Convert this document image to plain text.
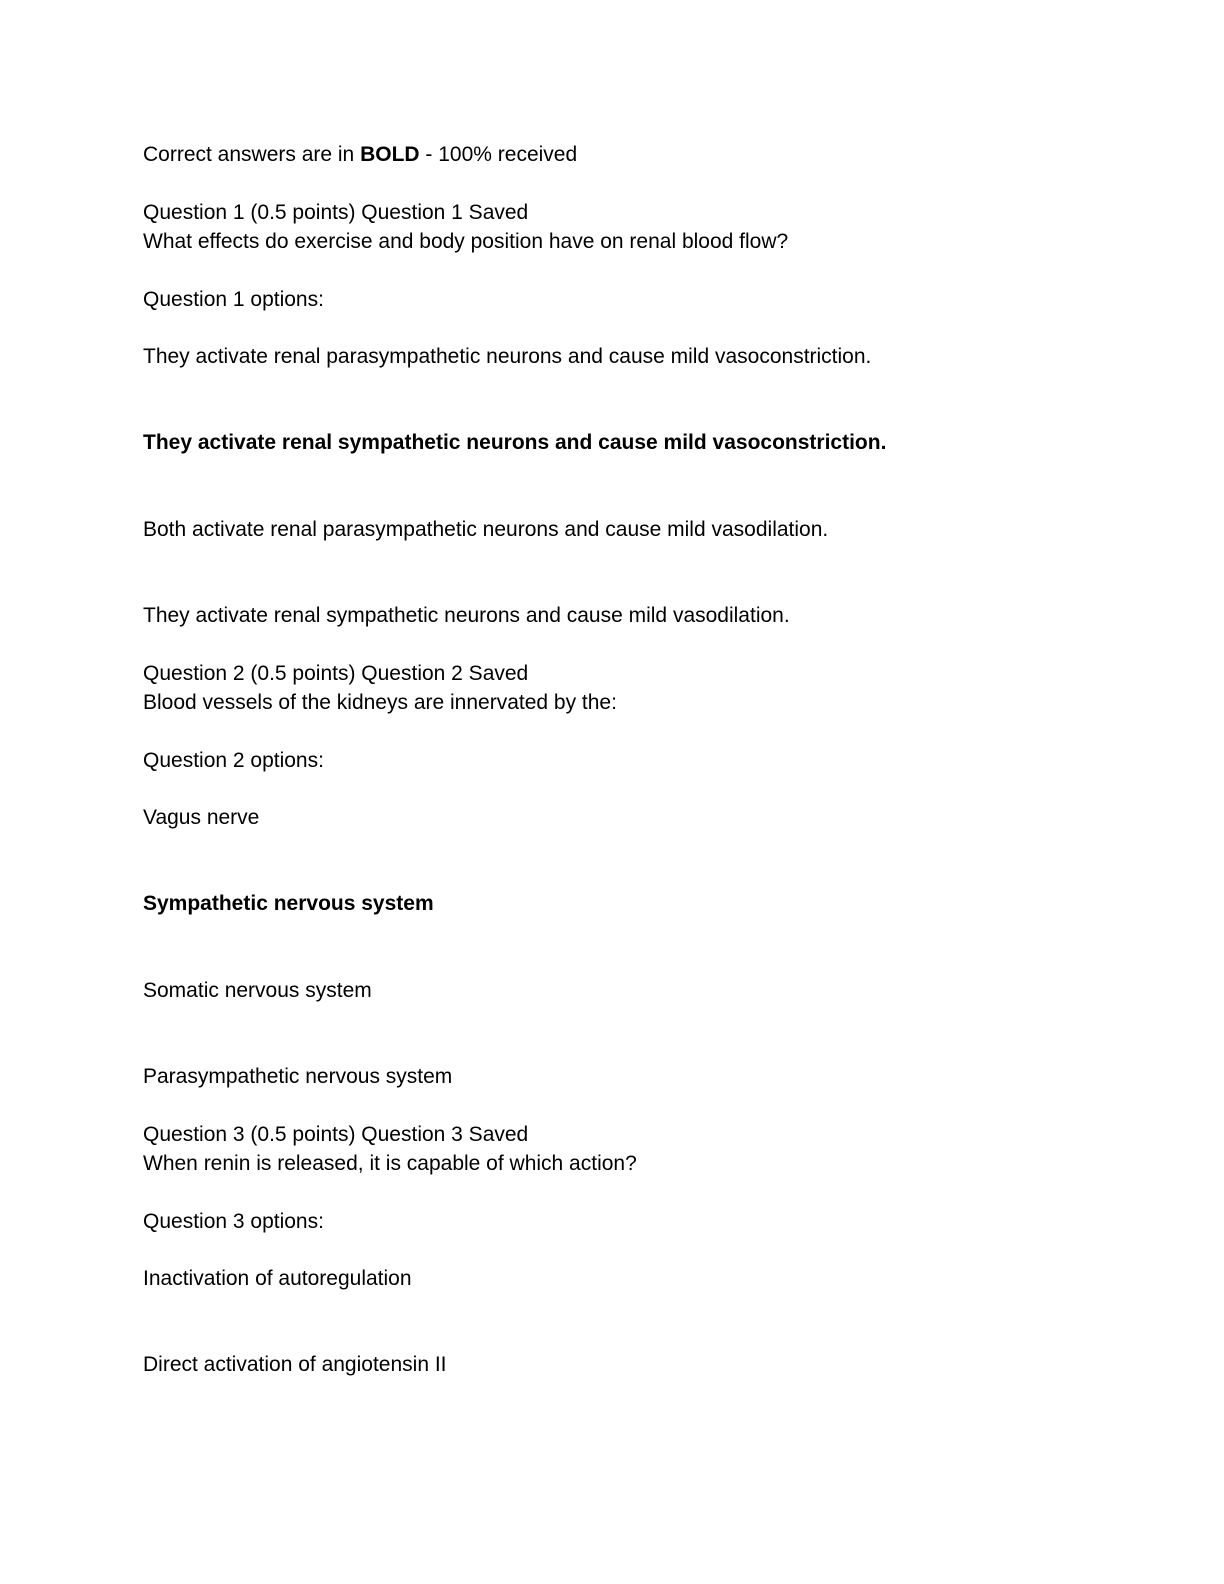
Correct answers are in BOLD - 100% received
Question 1 (0.5 points) Question 1 Saved
What effects do exercise and body position have on renal blood flow?
Question 1 options:
They activate renal parasympathetic neurons and cause mild vasoconstriction.
They activate renal sympathetic neurons and cause mild vasoconstriction.
Both activate renal parasympathetic neurons and cause mild vasodilation.
They activate renal sympathetic neurons and cause mild vasodilation.
Question 2 (0.5 points) Question 2 Saved
Blood vessels of the kidneys are innervated by the:
Question 2 options:
Vagus nerve
Sympathetic nervous system
Somatic nervous system
Parasympathetic nervous system
Question 3 (0.5 points) Question 3 Saved
When renin is released, it is capable of which action?
Question 3 options:
Inactivation of autoregulation
Direct activation of angiotensin II
